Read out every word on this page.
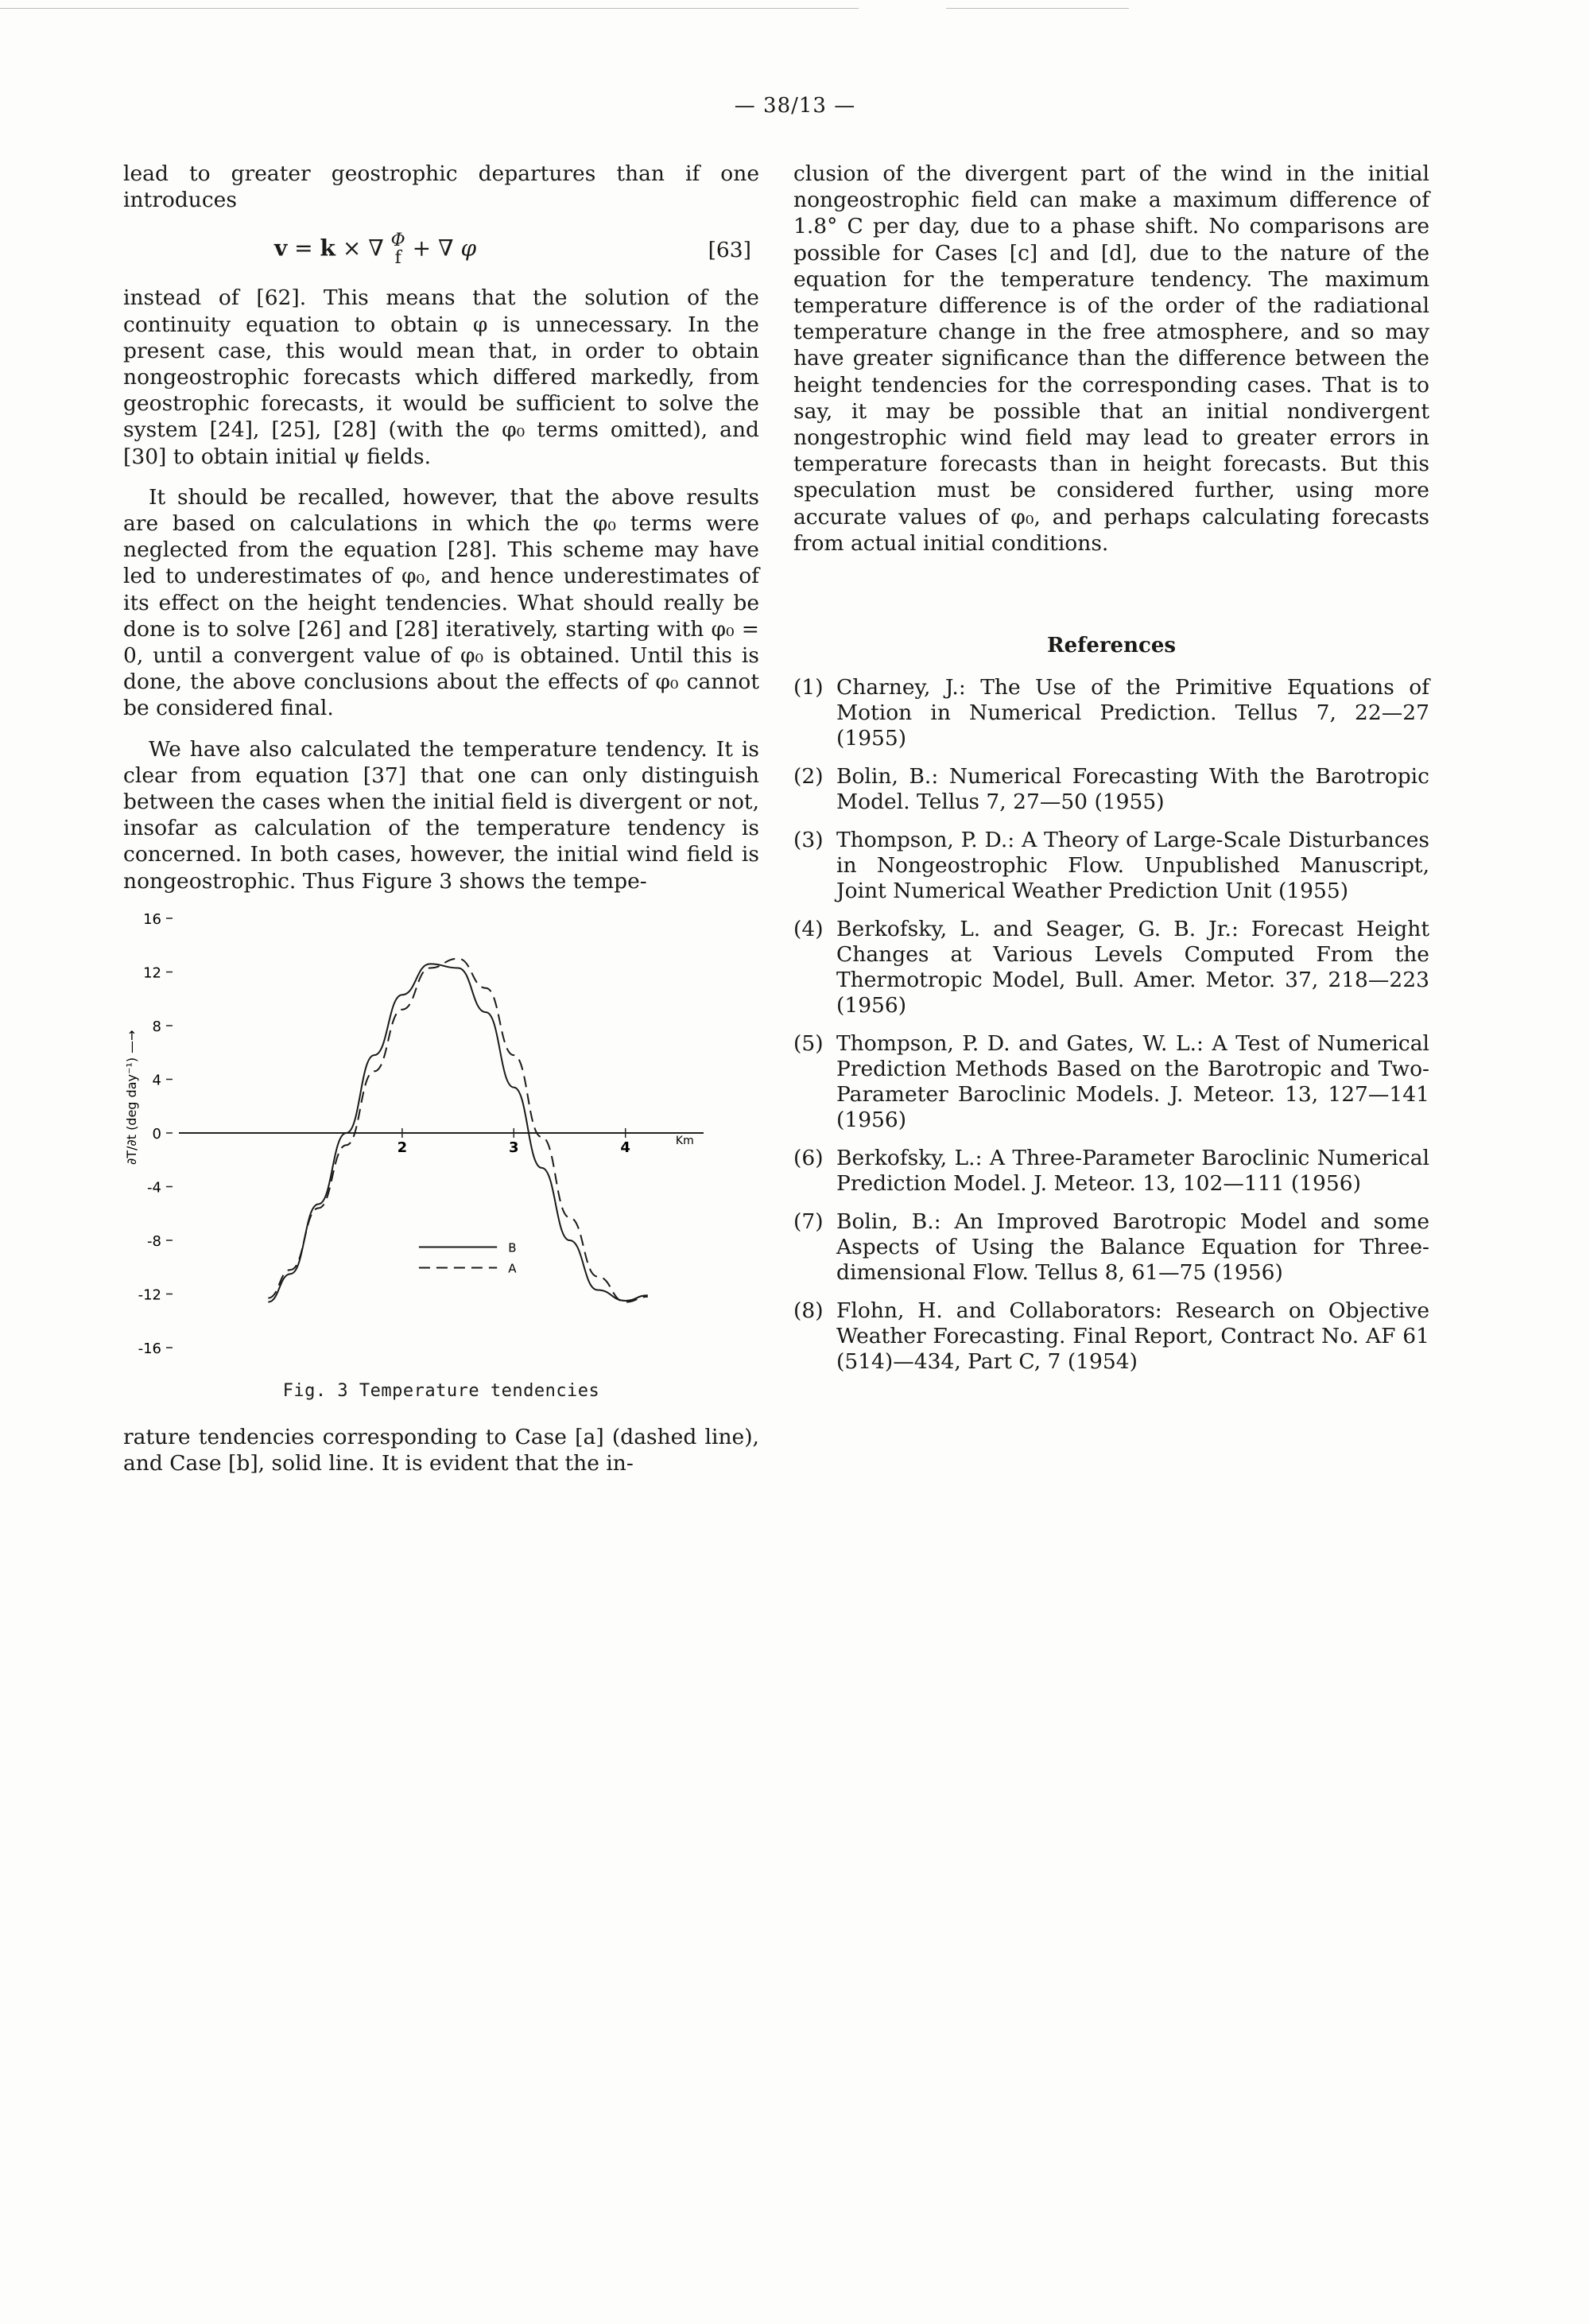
— 38/13 —

lead to greater geostrophic departures than if one introduces

v = k × ∇ Φ
f + ∇ φ	[63]

instead of [62]. This means that the solution of the continuity equation to obtain φ is unnecessary. In the present case, this would mean that, in order to obtain nongeostrophic forecasts which differed markedly, from geostrophic forecasts, it would be sufficient to solve the system [24], [25], [28] (with the φ₀ terms omitted), and [30] to obtain initial ψ fields.

It should be recalled, however, that the above results are based on calculations in which the φ₀ terms were neglected from the equation [28]. This scheme may have led to underestimates of φ₀, and hence underestimates of its effect on the height tendencies. What should really be done is to solve [26] and [28] iteratively, starting with φ₀ = 0, until a convergent value of φ₀ is obtained. Until this is done, the above conclusions about the effects of φ₀ cannot be considered final.

We have also calculated the temperature tendency. It is clear from equation [37] that one can only distinguish between the cases when the initial field is divergent or not, insofar as calculation of the temperature tendency is concerned. In both cases, however, the initial wind field is nongeostrophic. Thus Figure 3 shows the tempe-

16
12
8
4
0
-4
-8
-12
-16
2	3	4	Km
∂T/∂t (deg day⁻¹) —→
B
A
Fig. 3 Temperature tendencies

rature tendencies corresponding to Case [a] (dashed line), and Case [b], solid line. It is evident that the in-

clusion of the divergent part of the wind in the initial nongeostrophic field can make a maximum difference of 1.8° C per day, due to a phase shift. No comparisons are possible for Cases [c] and [d], due to the nature of the equation for the temperature tendency. The maximum temperature difference is of the order of the radiational temperature change in the free atmosphere, and so may have greater significance than the difference between the height tendencies for the corresponding cases. That is to say, it may be possible that an initial nondivergent nongestrophic wind field may lead to greater errors in temperature forecasts than in height forecasts. But this speculation must be considered further, using more accurate values of φ₀, and perhaps calculating forecasts from actual initial conditions.

References
(1) Charney, J.: The Use of the Primitive Equations of Motion in Numerical Prediction. Tellus 7, 22—27 (1955)
(2) Bolin, B.: Numerical Forecasting With the Barotropic Model. Tellus 7, 27—50 (1955)
(3) Thompson, P. D.: A Theory of Large-Scale Disturbances in Nongeostrophic Flow. Unpublished Manuscript, Joint Numerical Weather Prediction Unit (1955)
(4) Berkofsky, L. and Seager, G. B. Jr.: Forecast Height Changes at Various Levels Computed From the Thermotropic Model, Bull. Amer. Metor. 37, 218—223 (1956)
(5) Thompson, P. D. and Gates, W. L.: A Test of Numerical Prediction Methods Based on the Barotropic and Two-Parameter Baroclinic Models. J. Meteor. 13, 127—141 (1956)
(6) Berkofsky, L.: A Three-Parameter Baroclinic Numerical Prediction Model. J. Meteor. 13, 102—111 (1956)
(7) Bolin, B.: An Improved Barotropic Model and some Aspects of Using the Balance Equation for Three-dimensional Flow. Tellus 8, 61—75 (1956)
(8) Flohn, H. and Collaborators: Research on Objective Weather Forecasting. Final Report, Contract No. AF 61 (514)—434, Part C, 7 (1954)
